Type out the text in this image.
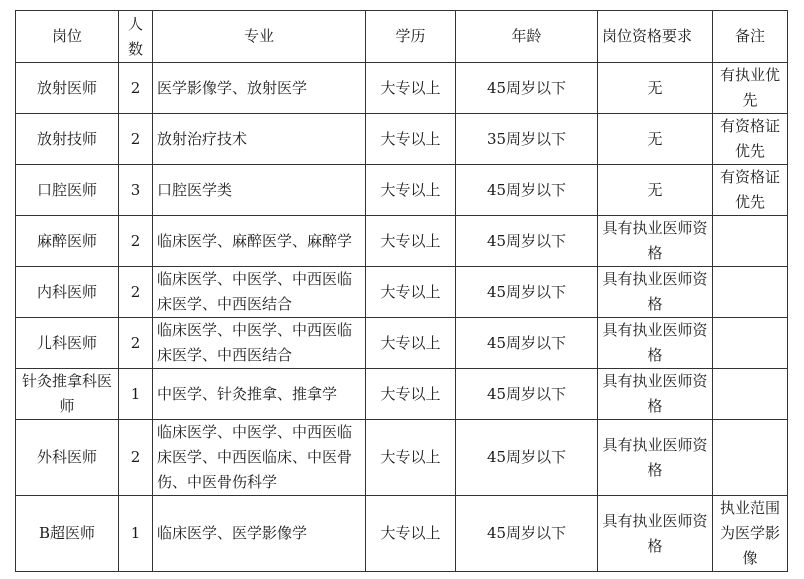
岗位	人数	专业	学历	年龄	岗位资格要求	备注
放射医师	2	医学影像学、放射医学	大专以上	45周岁以下	无	有执业优先
放射技师	2	放射治疗技术	大专以上	35周岁以下	无	有资格证优先
口腔医师	3	口腔医学类	大专以上	45周岁以下	无	有资格证优先
麻醉医师	2	临床医学、麻醉医学、麻醉学	大专以上	45周岁以下	具有执业医师资格	
内科医师	2	临床医学、中医学、中西医临床医学、中西医结合	大专以上	45周岁以下	具有执业医师资格	
儿科医师	2	临床医学、中医学、中西医临床医学、中西医结合	大专以上	45周岁以下	具有执业医师资格	
针灸推拿科医师	1	中医学、针灸推拿、推拿学	大专以上	45周岁以下	具有执业医师资格	
外科医师	2	临床医学、中医学、中西医临床医学、中西医临床、中医骨伤、中医骨伤科学	大专以上	45周岁以下	具有执业医师资格	
B超医师	1	临床医学、医学影像学	大专以上	45周岁以下	具有执业医师资格	执业范围为医学影像
